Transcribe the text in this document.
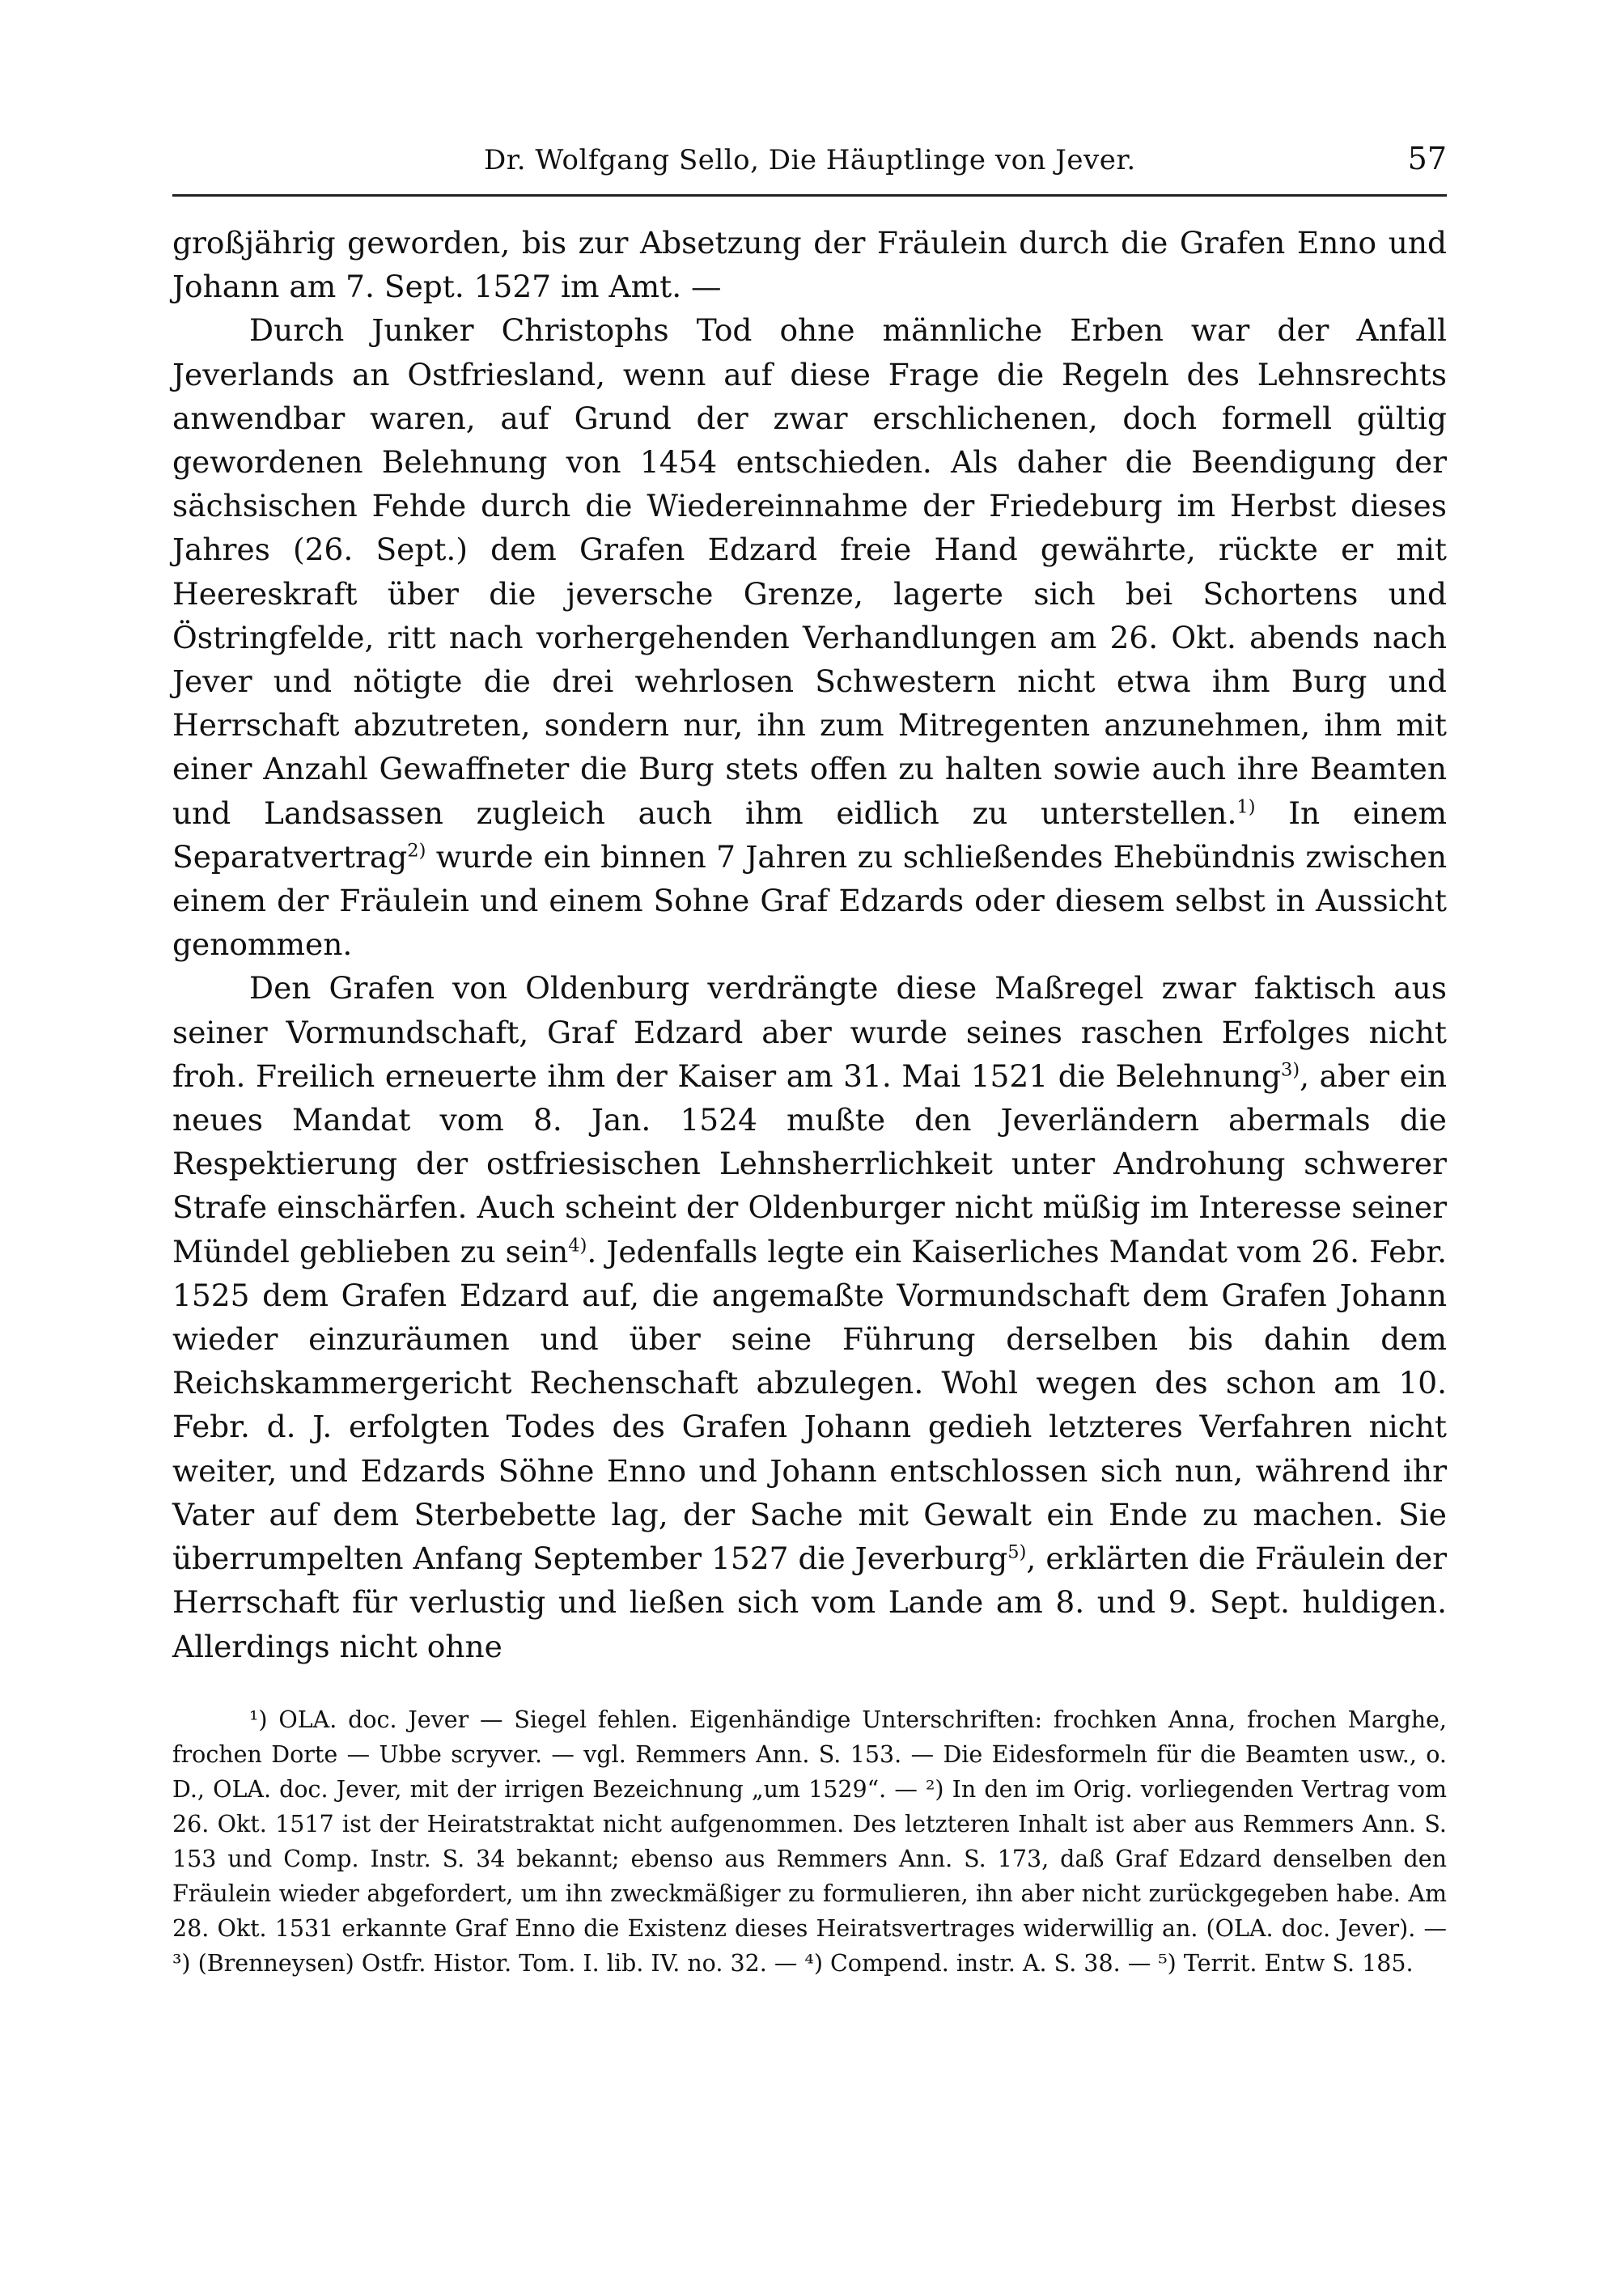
Dr. Wolfgang Sello, Die Häuptlinge von Jever.	57

großjährig geworden, bis zur Absetzung der Fräulein durch die Grafen Enno und Johann am 7. Sept. 1527 im Amt. —

Durch Junker Christophs Tod ohne männliche Erben war der Anfall Jeverlands an Ostfriesland, wenn auf diese Frage die Regeln des Lehnsrechts anwendbar waren, auf Grund der zwar erschlichenen, doch formell gültig gewordenen Belehnung von 1454 entschieden. Als daher die Beendigung der sächsischen Fehde durch die Wiedereinnahme der Friedeburg im Herbst dieses Jahres (26. Sept.) dem Grafen Edzard freie Hand gewährte, rückte er mit Heereskraft über die jeversche Grenze, lagerte sich bei Schortens und Östringfelde, ritt nach vorhergehenden Verhandlungen am 26. Okt. abends nach Jever und nötigte die drei wehrlosen Schwestern nicht etwa ihm Burg und Herrschaft abzutreten, sondern nur, ihn zum Mitregenten anzunehmen, ihm mit einer Anzahl Gewaffneter die Burg stets offen zu halten sowie auch ihre Beamten und Landsassen zugleich auch ihm eidlich zu unterstellen.$^{1)}$ In einem Separatvertrag$^{2)}$ wurde ein binnen 7 Jahren zu schließendes Ehebündnis zwischen einem der Fräulein und einem Sohne Graf Edzards oder diesem selbst in Aussicht genommen.

Den Grafen von Oldenburg verdrängte diese Maßregel zwar faktisch aus seiner Vormundschaft, Graf Edzard aber wurde seines raschen Erfolges nicht froh. Freilich erneuerte ihm der Kaiser am 31. Mai 1521 die Belehnung$^{3)}$, aber ein neues Mandat vom 8. Jan. 1524 mußte den Jeverländern abermals die Respektierung der ostfriesischen Lehnsherrlichkeit unter Androhung schwerer Strafe einschärfen. Auch scheint der Oldenburger nicht müßig im Interesse seiner Mündel geblieben zu sein$^{4)}$. Jedenfalls legte ein Kaiserliches Mandat vom 26. Febr. 1525 dem Grafen Edzard auf, die angemaßte Vormundschaft dem Grafen Johann wieder einzuräumen und über seine Führung derselben bis dahin dem Reichskammergericht Rechenschaft abzulegen. Wohl wegen des schon am 10. Febr. d. J. erfolgten Todes des Grafen Johann gedieh letzteres Verfahren nicht weiter, und Edzards Söhne Enno und Johann entschlossen sich nun, während ihr Vater auf dem Sterbebette lag, der Sache mit Gewalt ein Ende zu machen. Sie überrumpelten Anfang September 1527 die Jeverburg$^{5)}$, erklärten die Fräulein der Herrschaft für verlustig und ließen sich vom Lande am 8. und 9. Sept. huldigen. Allerdings nicht ohne

¹) OLA. doc. Jever — Siegel fehlen. Eigenhändige Unterschriften: frochken Anna, frochen Marghe, frochen Dorte — Ubbe scryver. — vgl. Remmers Ann. S. 153. — Die Eidesformeln für die Beamten usw., o. D., OLA. doc. Jever, mit der irrigen Bezeichnung „um 1529“. — ²) In den im Orig. vorliegenden Vertrag vom 26. Okt. 1517 ist der Heiratstraktat nicht aufgenommen. Des letzteren Inhalt ist aber aus Remmers Ann. S. 153 und Comp. Instr. S. 34 bekannt; ebenso aus Remmers Ann. S. 173, daß Graf Edzard denselben den Fräulein wieder abgefordert, um ihn zweckmäßiger zu formulieren, ihn aber nicht zurückgegeben habe. Am 28. Okt. 1531 erkannte Graf Enno die Existenz dieses Heiratsvertrages widerwillig an. (OLA. doc. Jever). — ³) (Brenneysen) Ostfr. Histor. Tom. I. lib. IV. no. 32. — ⁴) Compend. instr. A. S. 38. — ⁵) Territ. Entw S. 185.
